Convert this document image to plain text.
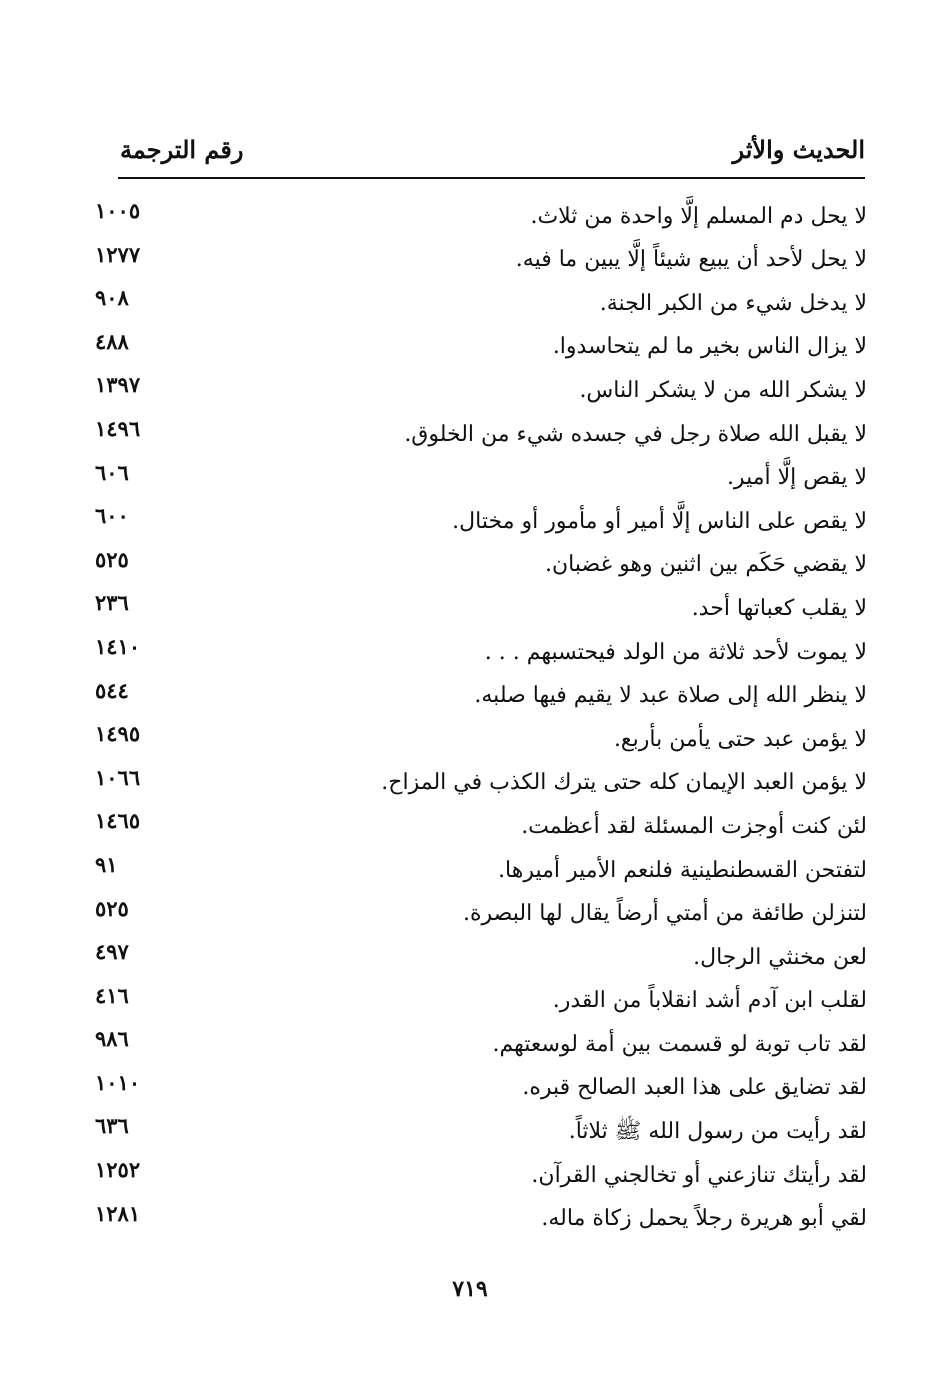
الحديث والأثر
رقم الترجمة
لا يحل دم المسلم إلَّا واحدة من ثلاث.
١٠٠٥
لا يحل لأحد أن يبيع شيئاً إلَّا يبين ما فيه.
١٢٧٧
لا يدخل شيء من الكبر الجنة.
٩٠٨
لا يزال الناس بخير ما لم يتحاسدوا.
٤٨٨
لا يشكر الله من لا يشكر الناس.
١٣٩٧
لا يقبل الله صلاة رجل في جسده شيء من الخلوق.
١٤٩٦
لا يقص إلَّا أمير.
٦٠٦
لا يقص على الناس إلَّا أمير أو مأمور أو مختال.
٦٠٠
لا يقضي حَكَم بين اثنين وهو غضبان.
٥٢٥
لا يقلب كعباتها أحد.
٢٣٦
لا يموت لأحد ثلاثة من الولد فيحتسبهم . . .
١٤١٠
لا ينظر الله إلى صلاة عبد لا يقيم فيها صلبه.
٥٤٤
لا يؤمن عبد حتى يأمن بأربع.
١٤٩٥
لا يؤمن العبد الإيمان كله حتى يترك الكذب في المزاح.
١٠٦٦
لئن كنت أوجزت المسئلة لقد أعظمت.
١٤٦٥
لتفتحن القسطنطينية فلنعم الأمير أميرها.
٩١
لتنزلن طائفة من أمتي أرضاً يقال لها البصرة.
٥٢٥
لعن مخنثي الرجال.
٤٩٧
لقلب ابن آدم أشد انقلاباً من القدر.
٤١٦
لقد تاب توبة لو قسمت بين أمة لوسعتهم.
٩٨٦
لقد تضايق على هذا العبد الصالح قبره.
١٠١٠
لقد رأيت من رسول الله ﷺ ثلاثاً.
٦٣٦
لقد رأيتك تنازعني أو تخالجني القرآن.
١٢٥٢
لقي أبو هريرة رجلاً يحمل زكاة ماله.
١٢٨١
٧١٩
